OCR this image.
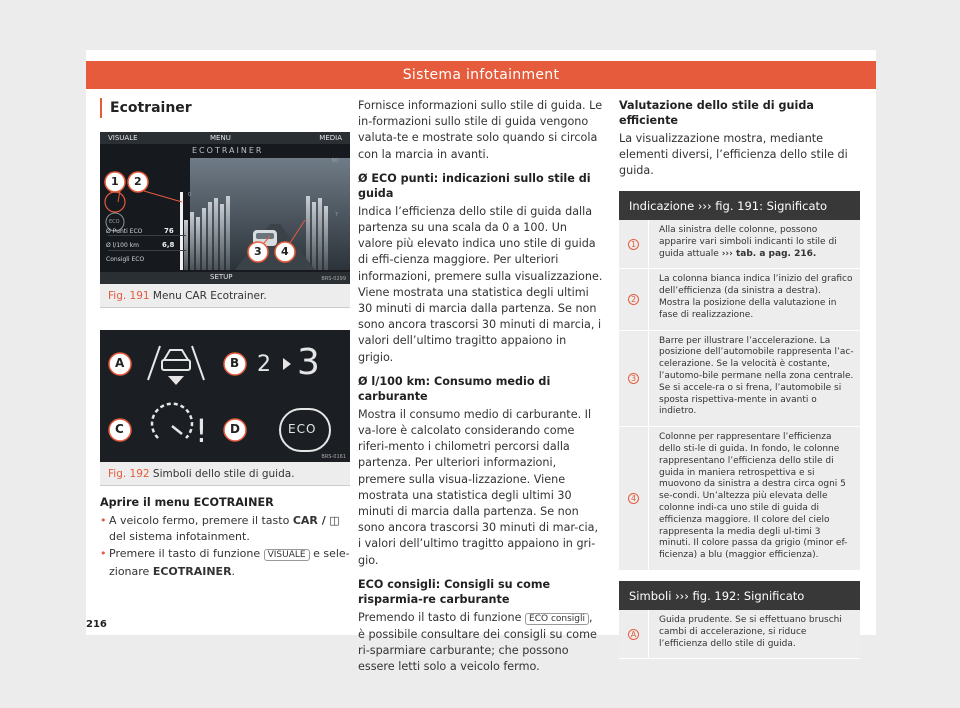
Sistema infotainment
Ecotrainer
VISUALE	MENU	MEDIA
ECOTRAINER
60
0
7
ECO
Ø Punti ECO	76
Ø l/100 km	6,8
Consigli ECO
SETUP
1 2
3 4
BRS-0299
Fig. 191 Menu CAR Ecotrainer.
A	B
C	D
2 3
!	ECO
BRS-0161
Fig. 192 Simboli dello stile di guida.
Aprire il menu ECOTRAINER
• A veicolo fermo, premere il tasto CAR / ◫ del sistema infotainment.
• Premere il tasto di funzione VISUALE e sele-zionare ECOTRAINER.

Fornisce informazioni sullo stile di guida. Le in-formazioni sullo stile di guida vengono valuta-te e mostrate solo quando si circola con la marcia in avanti.

Ø ECO punti: indicazioni sullo stile di guida

Indica l’efficienza dello stile di guida dalla partenza su una scala da 0 a 100. Un valore più elevato indica uno stile di guida di effi-cienza maggiore. Per ulteriori informazioni, premere sulla visualizzazione. Viene mostrata una statistica degli ultimi 30 minuti di marcia dalla partenza. Se non sono ancora trascorsi 30 minuti di marcia, i valori dell’ultimo tragitto appaiono in grigio.

Ø l/100 km: Consumo medio di carburante

Mostra il consumo medio di carburante. Il va-lore è calcolato considerando come riferi-mento i chilometri percorsi dalla partenza. Per ulteriori informazioni, premere sulla visua-lizzazione. Viene mostrata una statistica degli ultimi 30 minuti di marcia dalla partenza. Se non sono ancora trascorsi 30 minuti di mar-cia, i valori dell’ultimo tragitto appaiono in gri-gio.

ECO consigli: Consigli su come risparmia-re carburante

Premendo il tasto di funzione ECO consigli , è possibile consultare dei consigli su come ri-sparmiare carburante; che possono essere letti solo a veicolo fermo.

Valutazione dello stile di guida efficiente

La visualizzazione mostra, mediante elementi diversi, l’efficienza dello stile di guida.

Indicazione ››› fig. 191: Significato
1
Alla sinistra delle colonne, possono apparire vari simboli indicanti lo stile di guida attuale ››› tab. a pag. 216.
2
La colonna bianca indica l’inizio del grafico dell’efficienza (da sinistra a destra). Mostra la posizione della valutazione in fase di realizzazione.
3
Barre per illustrare l’accelerazione. La posizione dell’automobile rappresenta l’ac-celerazione. Se la velocità è costante, l’automo-bile permane nella zona centrale. Se si accele-ra o si frena, l’automobile si sposta rispettiva-mente in avanti o indietro.
4
Colonne per rappresentare l’efficienza dello sti-le di guida. In fondo, le colonne rappresentano l’efficienza dello stile di guida in maniera retrospettiva e si muovono da sinistra a destra circa ogni 5 se-condi. Un’altezza più elevata delle colonne indi-ca uno stile di guida di efficienza maggiore. Il colore del cielo rappresenta la media degli ul-timi 3 minuti. Il colore passa da grigio (minor ef-ficienza) a blu (maggior efficienza).
Simboli ››› fig. 192: Significato
A
Guida prudente. Se si effettuano bruschi cambi di accelerazione, si riduce l’efficienza dello stile di guida.
216
